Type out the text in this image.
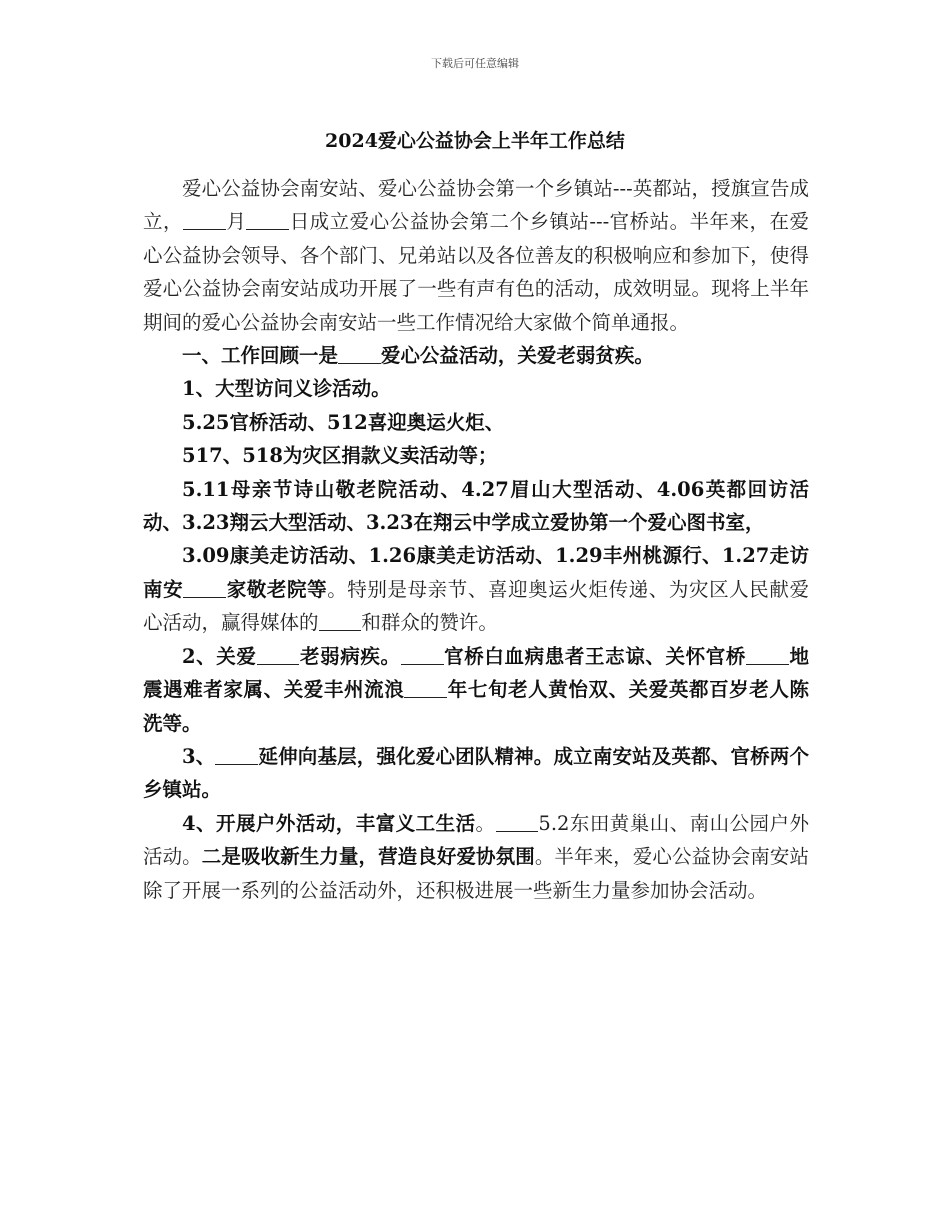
下载后可任意编辑
2024爱心公益协会上半年工作总结

爱心公益协会南安站、爱心公益协会第一个乡镇站---英都站，授旗宣告成立， 月 日成立爱心公益协会第二个乡镇站---官桥站。半年来，在爱心公益协会领导、各个部门、兄弟站以及各位善友的积极响应和参加下，使得爱心公益协会南安站成功开展了一些有声有色的活动，成效明显。现将上半年期间的爱心公益协会南安站一些工作情况给大家做个简单通报。

一、工作回顾一是 爱心公益活动，关爱老弱贫疾。

1、大型访问义诊活动。

5.25官桥活动、512喜迎奥运火炬、

517、518为灾区捐款义卖活动等；

5.11母亲节诗山敬老院活动、4.27眉山大型活动、4.06英都回访活动、3.23翔云大型活动、3.23在翔云中学成立爱协第一个爱心图书室，

3.09康美走访活动、1.26康美走访活动、1.29丰州桃源行、1.27走访南安 家敬老院等。特别是母亲节、喜迎奥运火炬传递、为灾区人民献爱心活动，赢得媒体的 和群众的赞许。

2、关爱 老弱病疾。 官桥白血病患者王志谅、关怀官桥 地震遇难者家属、关爱丰州流浪 年七旬老人黄怡双、关爱英都百岁老人陈洗等。

3、 延伸向基层，强化爱心团队精神。成立南安站及英都、官桥两个乡镇站。

4、开展户外活动，丰富义工生活。 5.2东田黄巢山、南山公园户外活动。二是吸收新生力量，营造良好爱协氛围。半年来，爱心公益协会南安站除了开展一系列的公益活动外，还积极进展一些新生力量参加协会活动。
